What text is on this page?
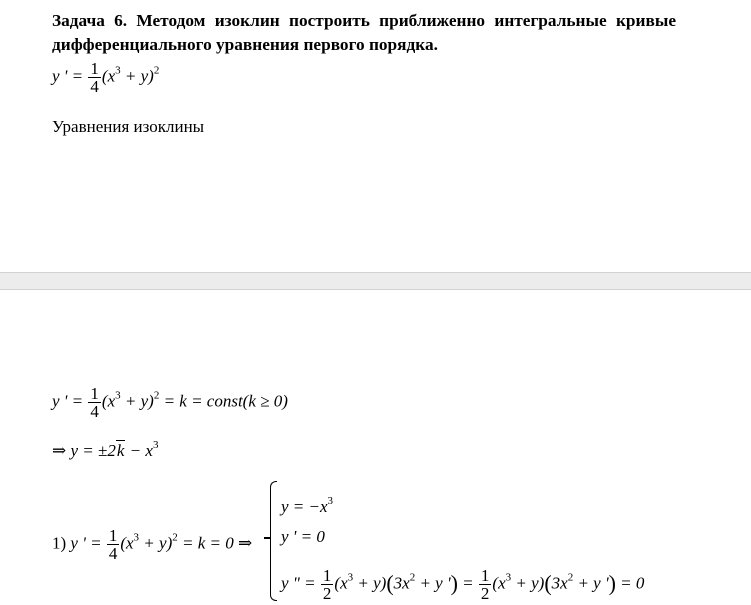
Задача 6. Методом изоклин построить приближенно интегральные кривые дифференциального уравнения первого порядка.
y ' = $\frac{1}{4} (x^3 + y)^2$
Уравнения изоклины
y ' = $\frac{1}{4} (x^3 + y)^2 = k$ = const(k ≥ 0)
⇒ $y = \pm 2k - x^3$
1) y ' = $\frac{1}{4} (x^3 + y)^2 = k = 0$ ⇒
$y = -x^3$
y ' = 0
y " = $\frac{1}{2} (x^3 + y)(3x^2 + y$ ') = $\frac{1}{2} (x^3 + y)(3x^2 + y$ ') = 0
